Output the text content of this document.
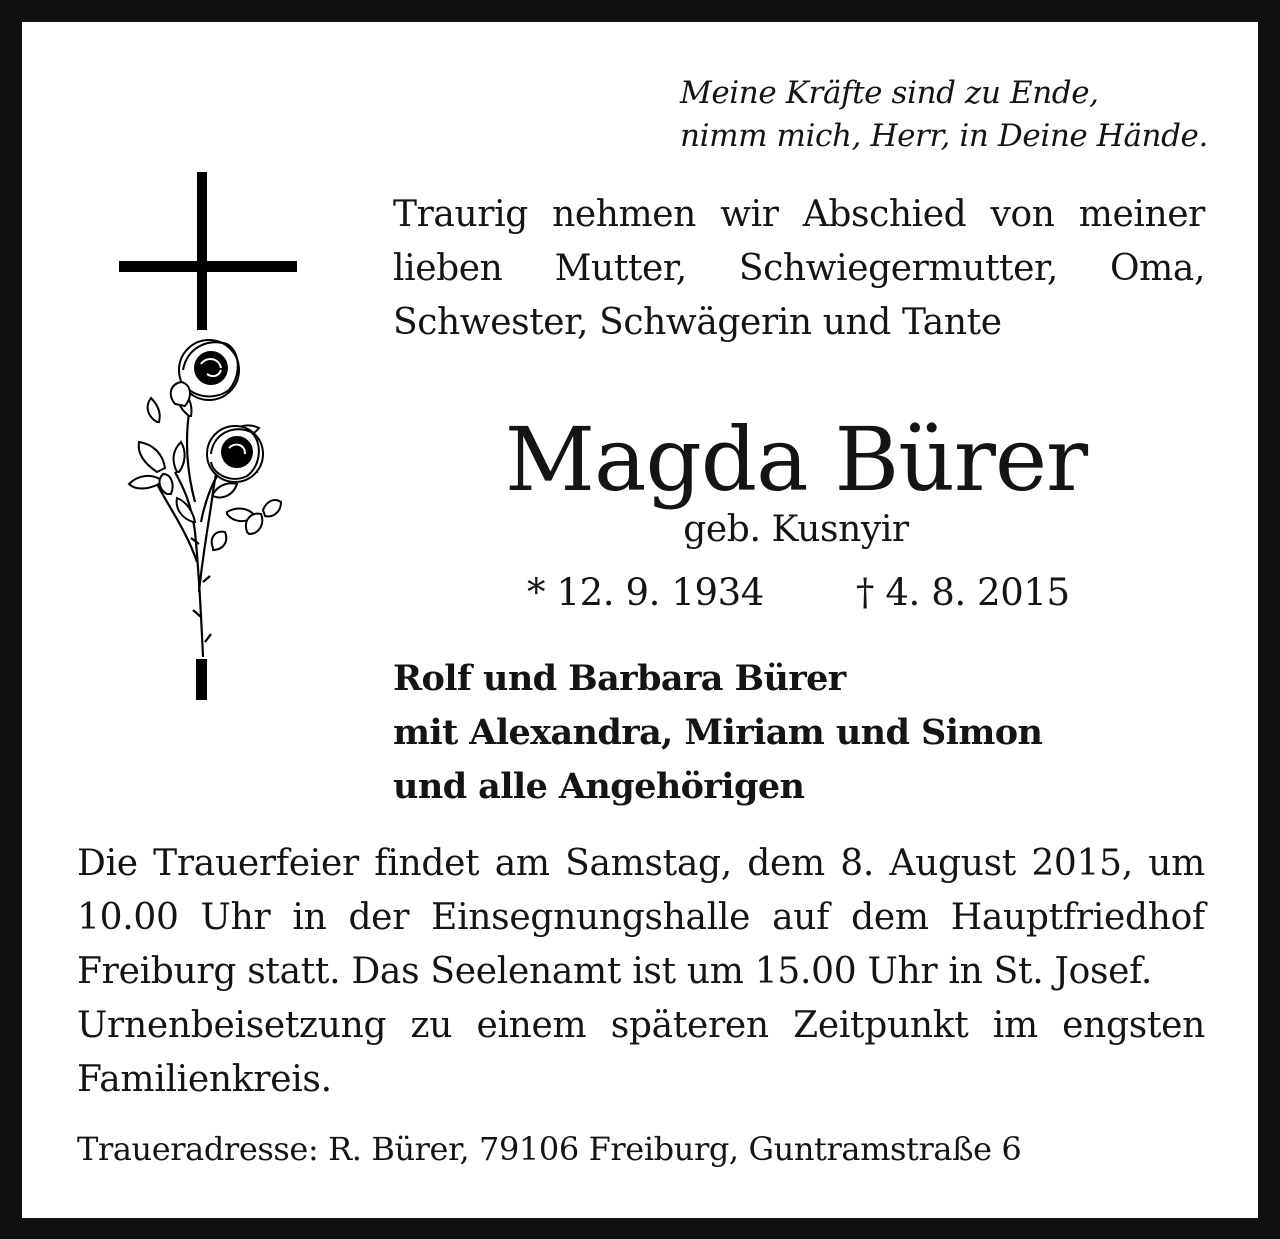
Meine Kräfte sind zu Ende,
nimm mich, Herr, in Deine Hände.
Traurig nehmen wir Abschied von meiner
lieben Mutter, Schwiegermutter, Oma,
Schwester, Schwägerin und Tante
Magda Bürer
geb. Kusnyir
* 12. 9. 1934 † 4. 8. 2015
Rolf und Barbara Bürer
mit Alexandra, Miriam und Simon
und alle Angehörigen
Die Trauerfeier findet am Samstag, dem 8. August 2015, um
10.00 Uhr in der Einsegnungshalle auf dem Hauptfriedhof
Freiburg statt. Das Seelenamt ist um 15.00 Uhr in St. Josef.
Urnenbeisetzung zu einem späteren Zeitpunkt im engsten
Familienkreis.
Traueradresse: R. Bürer, 79106 Freiburg, Guntramstraße 6
